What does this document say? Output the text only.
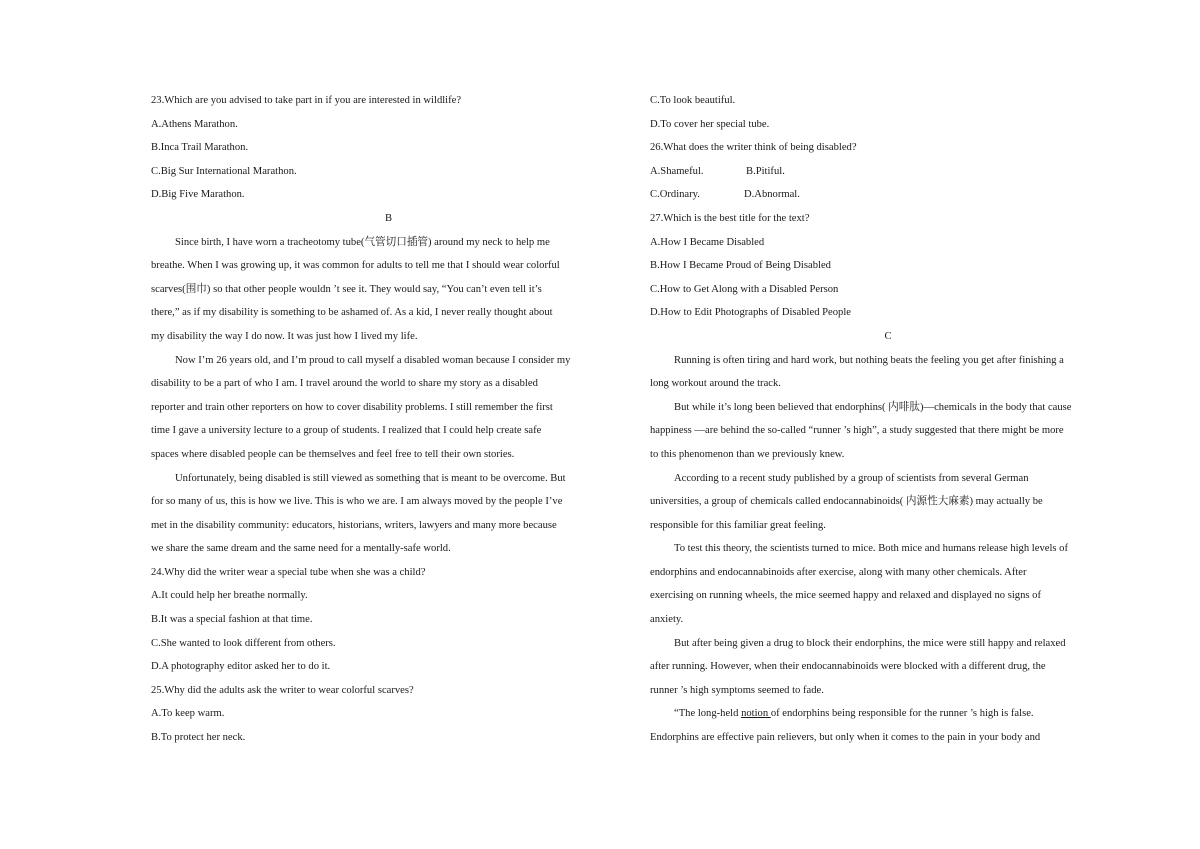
23.Which are you advised to take part in if you are interested in wildlife?
A.Athens Marathon.
B.Inca Trail Marathon.
C.Big Sur International Marathon.
D.Big Five Marathon.
B
Since birth, I have worn a tracheotomy tube(气管切口插管) around my neck to help me
breathe. When I was growing up, it was common for adults to tell me that I should wear colorful
scarves(围巾) so that other people wouldn ’t see it. They would say, “You can’t even tell it’s
there,” as if my disability is something to be ashamed of. As a kid, I never really thought about
my disability the way I do now. It was just how I lived my life.
Now I’m 26 years old, and I’m proud to call myself a disabled woman because I consider my
disability to be a part of who I am. I travel around the world to share my story as a disabled
reporter and train other reporters on how to cover disability problems. I still remember the first
time I gave a university lecture to a group of students. I realized that I could help create safe
spaces where disabled people can be themselves and feel free to tell their own stories.
Unfortunately, being disabled is still viewed as something that is meant to be overcome. But
for so many of us, this is how we live. This is who we are. I am always moved by the people I’ve
met in the disability community: educators, historians, writers, lawyers and many more because
we share the same dream and the same need for a mentally-safe world.
24.Why did the writer wear a special tube when she was a child?
A.It could help her breathe normally.
B.It was a special fashion at that time.
C.She wanted to look different from others.
D.A photography editor asked her to do it.
25.Why did the adults ask the writer to wear colorful scarves?
A.To keep warm.
B.To protect her neck.
C.To look beautiful.
D.To cover her special tube.
26.What does the writer think of being disabled?
A.Shameful.	B.Pitiful.
C.Ordinary.	D.Abnormal.
27.Which is the best title for the text?
A.How I Became Disabled
B.How I Became Proud of Being Disabled
C.How to Get Along with a Disabled Person
D.How to Edit Photographs of Disabled People
C
Running is often tiring and hard work, but nothing beats the feeling you get after finishing a
long workout around the track.
But while it’s long been believed that endorphins( 内啡肽)—chemicals in the body that cause
happiness —are behind the so-called “runner ’s high”, a study suggested that there might be more
to this phenomenon than we previously knew.
According to a recent study published by a group of scientists from several German
universities, a group of chemicals called endocannabinoids( 内源性大麻素) may actually be
responsible for this familiar great feeling.
To test this theory, the scientists turned to mice. Both mice and humans release high levels of
endorphins and endocannabinoids after exercise, along with many other chemicals. After
exercising on running wheels, the mice seemed happy and relaxed and displayed no signs of
anxiety.
But after being given a drug to block their endorphins, the mice were still happy and relaxed
after running. However, when their endocannabinoids were blocked with a different drug, the
runner ’s high symptoms seemed to fade.
“The long-held notion of endorphins being responsible for the runner ’s high is false.
Endorphins are effective pain relievers, but only when it comes to the pain in your body and
